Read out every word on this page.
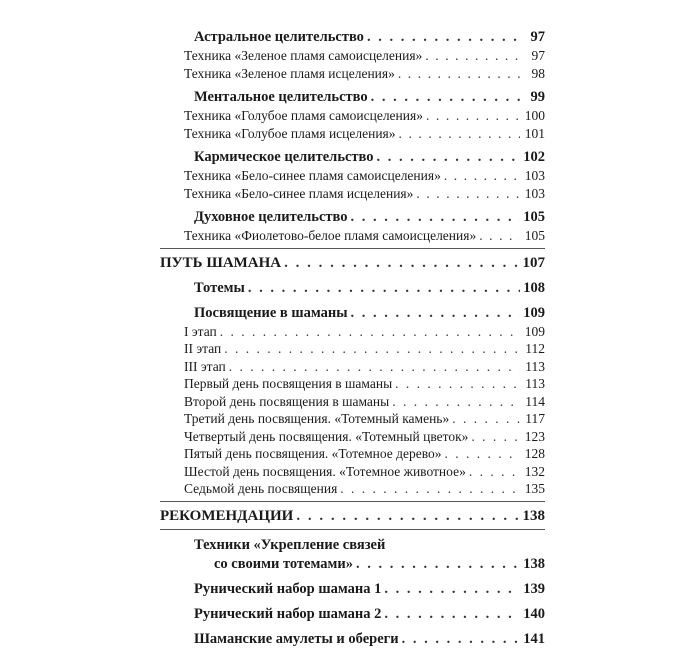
Астральное целительство . . .	97
Техника «Зеленое пламя самоисцеления» . . .	97
Техника «Зеленое пламя исцеления» . . .	98
Ментальное целительство . . .	99
Техника «Голубое пламя самоисцеления» . . .	100
Техника «Голубое пламя исцеления» . . .	101
Кармическое целительство . . .	102
Техника «Бело-синее пламя самоисцеления» . . .	103
Техника «Бело-синее пламя исцеления» . . .	103
Духовное целительство . . .	105
Техника «Фиолетово-белое пламя самоисцеления» . . .	105
ПУТЬ ШАМАНА . . .	107
Тотемы . . .	108
Посвящение в шаманы . . .	109
I этап . . .	109
II этап . . .	112
III этап . . .	113
Первый день посвящения в шаманы . . .	113
Второй день посвящения в шаманы . . .	114
Третий день посвящения. «Тотемный камень» . . .	117
Четвертый день посвящения. «Тотемный цветок» . . .	123
Пятый день посвящения. «Тотемное дерево» . . .	128
Шестой день посвящения. «Тотемное животное» . . .	132
Седьмой день посвящения . . .	135
РЕКОМЕНДАЦИИ . . .	138
Техники «Укрепление связей
со своими тотемами» . . .	138
Рунический набор шамана 1 . . .	139
Рунический набор шамана 2 . . .	140
Шаманские амулеты и обереги . . .	141
